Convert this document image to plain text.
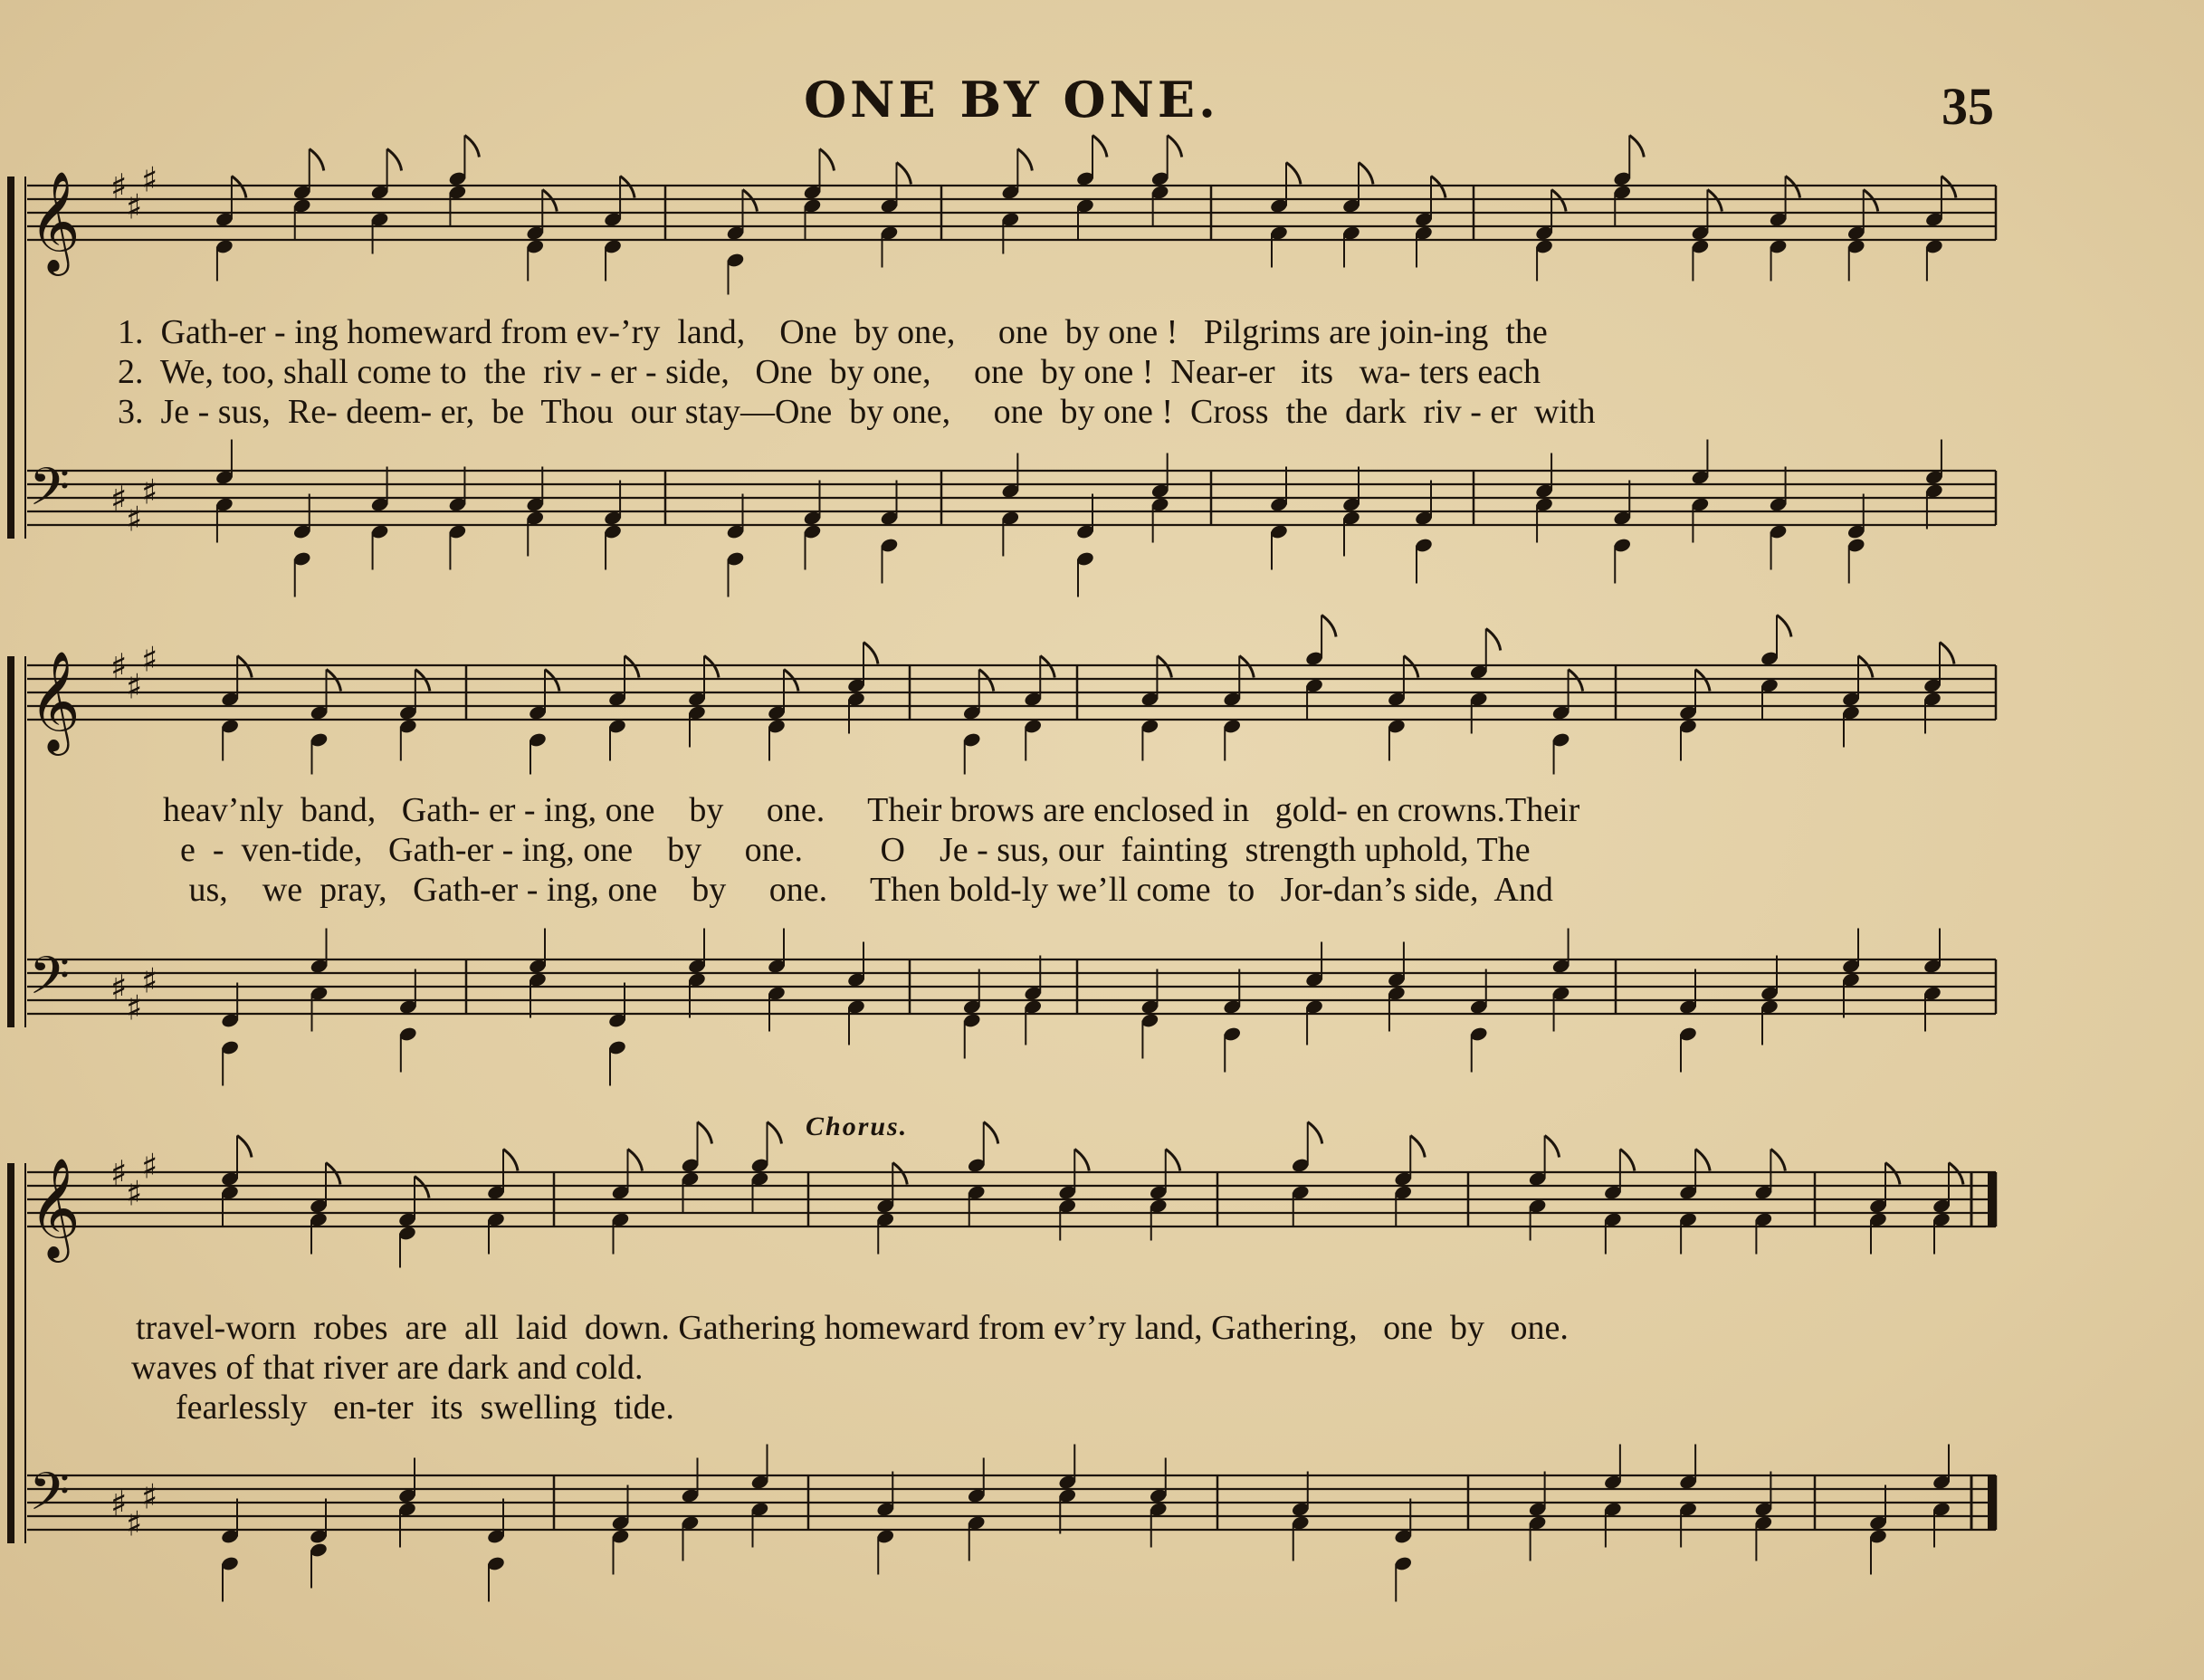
ONE BY ONE.	35
Chorus.
𝄞 ♯
♯
♯
𝄢 ♯
♯
♯
𝄞 ♯
♯
♯
𝄢 ♯
♯
♯
𝄞 ♯
♯
♯
𝄢 ♯
♯
♯
1.  Gath-er - ing homeward from ev-’ry  land,    One  by one,     one  by one !   Pilgrims are join-ing  the
2.  We, too, shall come to  the  riv - er - side,   One  by one,     one  by one !  Near-er   its   wa- ters each
3.  Je - sus,  Re- deem- er,  be  Thou  our stay—One  by one,     one  by one !  Cross  the  dark  riv - er  with
heav’nly  band,   Gath- er - ing, one    by     one.     Their brows are enclosed in   gold- en crowns.Their
e  -  ven-tide,   Gath-er - ing, one    by     one.         O    Je - sus, our  fainting  strength uphold, The
us,    we  pray,   Gath-er - ing, one    by     one.     Then bold-ly we’ll come  to   Jor-dan’s side,  And
travel-worn  robes  are  all  laid  down. Gathering homeward from ev’ry land, Gathering,   one  by   one.
waves of that river are dark and cold.
fearlessly   en-ter  its  swelling  tide.
